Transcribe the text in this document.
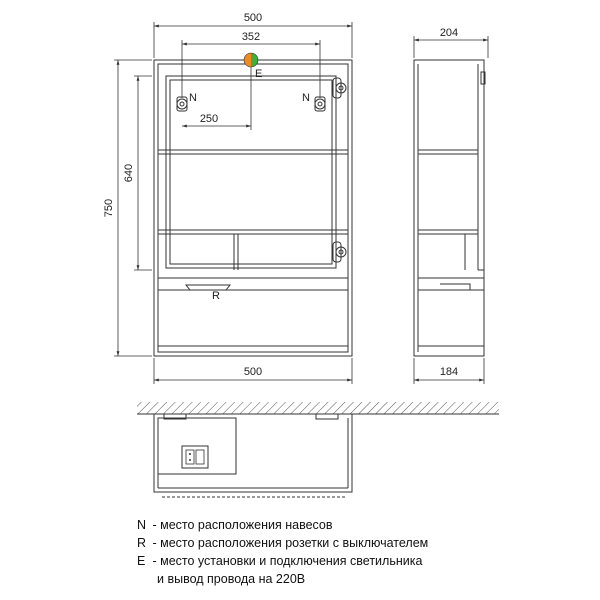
500
352
250
500
750
640
N	N
E
R
204
184
N - место расположения навесов
R - место расположения розетки с выключателем
E - место установки и подключения светильника
и вывод провода на 220В
